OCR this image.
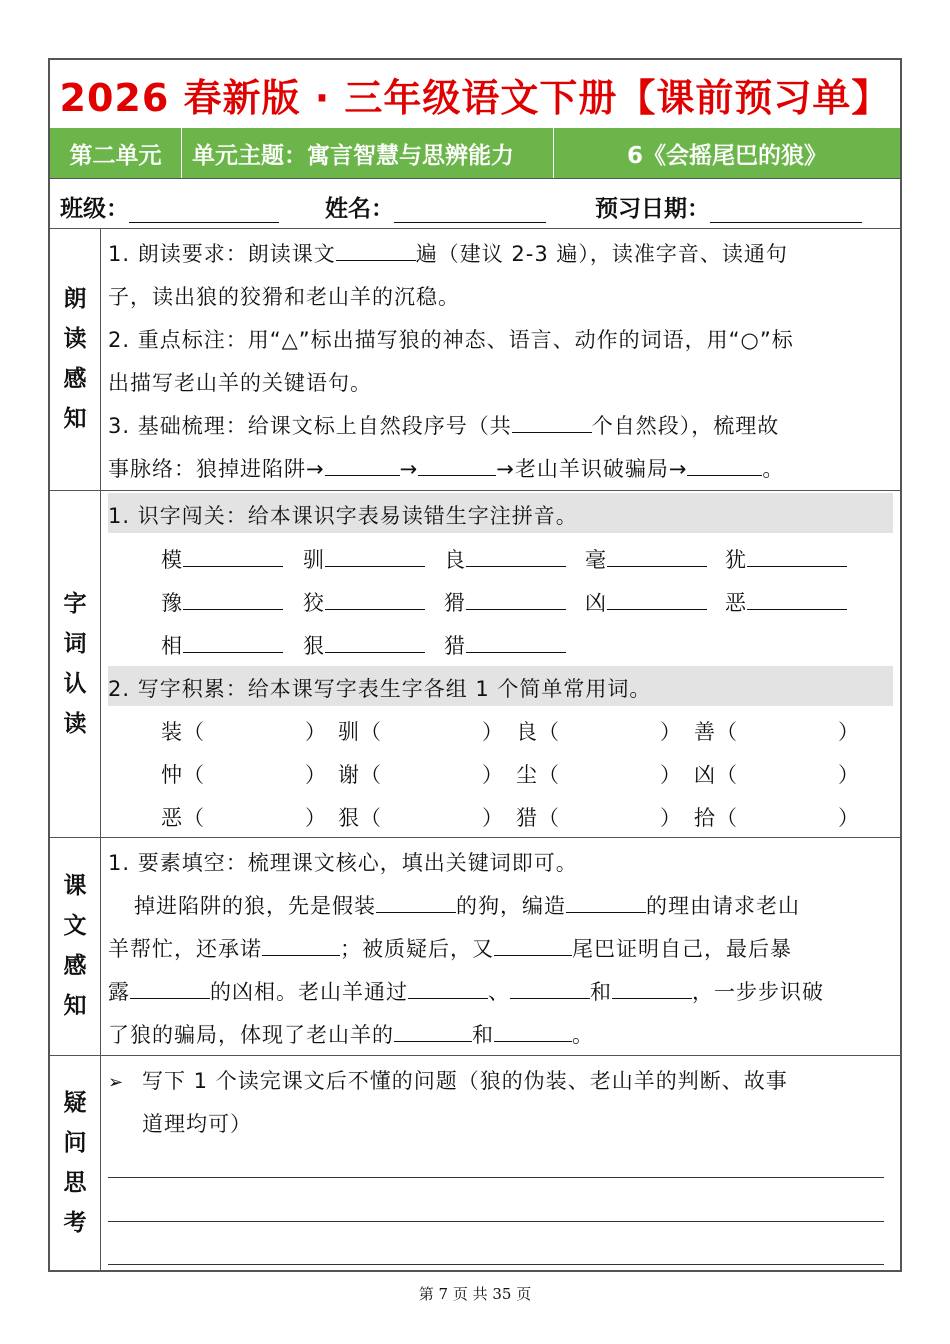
2026 春新版 · 三年级语文下册【课前预习单】
第二单元	单元主题：寓言智慧与思辨能力	6《会摇尾巴的狼》
班级：	姓名：	预习日期：
朗
读
感
知
1. 朗读要求：朗读课文	遍（建议 2-3 遍），读准字音、读通句
子，读出狼的狡猾和老山羊的沉稳。
2. 重点标注：用“△”标出描写狼的神态、语言、动作的词语，用“○”标
出描写老山羊的关键语句。
3. 基础梳理：给课文标上自然段序号（共	个自然段），梳理故
事脉络：狼掉进陷阱→	→	→老山羊识破骗局→	。
字
词
认
读
1. 识字闯关：给本课识字表易读错生字注拼音。
模	驯	良	毫	犹
豫	狡	猾	凶	恶
相	狠	猎
2. 写字积累：给本课写字表生字各组 1 个简单常用词。
装（	） 驯（	） 良（	） 善（	）
忡（	） 谢（	） 尘（	） 凶（	）
恶（	） 狠（	） 猎（	） 拾（	）
课
文
感
知
1. 要素填空：梳理课文核心，填出关键词即可。
掉进陷阱的狼，先是假装	的狗，编造	的理由请求老山
羊帮忙，还承诺	；被质疑后，又	尾巴证明自己，最后暴
露	的凶相。老山羊通过	、	和	，一步步识破
了狼的骗局，体现了老山羊的	和	。
疑
问
思
考
➢ 写下 1 个读完课文后不懂的问题（狼的伪装、老山羊的判断、故事
道理均可）
第 7 页 共 35 页
